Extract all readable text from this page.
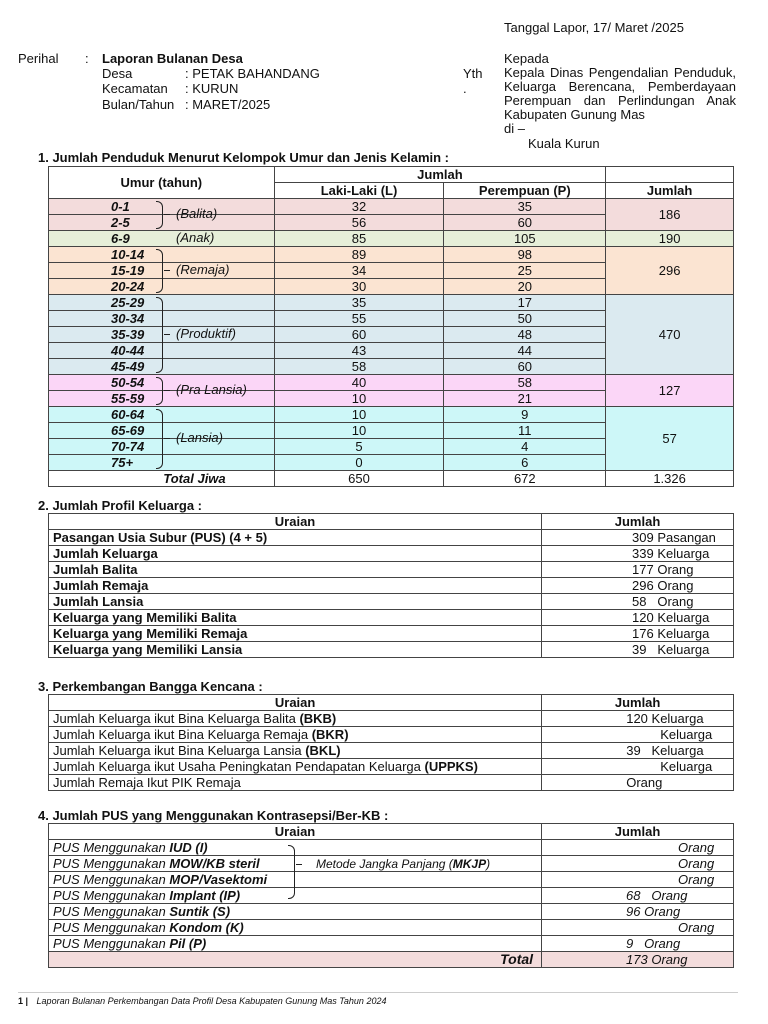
Tanggal Lapor, 17/ Maret /2025
Perihal : Laporan Bulanan Desa
Desa	: PETAK BAHANDANG
Kecamatan : KURUN
Bulan/Tahun : MARET/2025
Yth
.
Kepada
Kepala Dinas Pengendalian Penduduk,
Keluarga Berencana, Pemberdayaan
Perempuan dan Perlindungan Anak
Kabupaten Gunung Mas
di –
Kuala Kurun
1. Jumlah Penduduk Menurut Kelompok Umur dan Jenis Kelamin :
Umur (tahun)	Jumlah		
	Laki-Laki (L)	Perempuan (P)	Jumlah
0-1	32	35	186
2-5	56	60	
6-9	85	105	190
10-14	89	98	296
15-19	34	25	
20-24	30	20	
25-29	35	17	470
30-34	55	50	
35-39	60	48	
40-44	43	44	
45-49	58	60	
50-54	40	58	127
55-59	10	21	
60-64	10	9	57
65-69	10	11	
70-74	5	4	
75+	0	6	
Total Jiwa	650	672	1.326
(Balita)
(Remaja)
(Produktif)
(Pra Lansia)
(Lansia)
(Anak)
2. Jumlah Profil Keluarga :
Uraian	Jumlah
Pasangan Usia Subur (PUS) (4 + 5)	309 Pasangan
Jumlah Keluarga	339 Keluarga
Jumlah Balita	177 Orang
Jumlah Remaja	296 Orang
Jumlah Lansia	58   Orang
Keluarga yang Memiliki Balita	120 Keluarga
Keluarga yang Memiliki Remaja	176 Keluarga
Keluarga yang Memiliki Lansia	39   Keluarga
3. Perkembangan Bangga Kencana :
Uraian	Jumlah
Jumlah Keluarga ikut Bina Keluarga Balita (BKB)	120 Keluarga
Jumlah Keluarga ikut Bina Keluarga Remaja (BKR)	Keluarga
Jumlah Keluarga ikut Bina Keluarga Lansia (BKL)	39   Keluarga
Jumlah Keluarga ikut Usaha Peningkatan Pendapatan Keluarga (UPPKS)	Keluarga
Jumlah Remaja Ikut PIK Remaja	Orang
4. Jumlah PUS yang Menggunakan Kontrasepsi/Ber-KB :
Uraian	Jumlah
PUS Menggunakan IUD (I)	Orang
PUS Menggunakan MOW/KB steril	Orang
PUS Menggunakan MOP/Vasektomi	Orang
PUS Menggunakan Implant (IP)	68   Orang
PUS Menggunakan Suntik (S)	96 Orang
PUS Menggunakan Kondom (K)	Orang
PUS Menggunakan Pil (P)	9   Orang
Total	173 Orang
Metode Jangka Panjang (MKJP)
1 | Laporan Bulanan Perkembangan Data Profil Desa Kabupaten Gunung Mas Tahun 2024
